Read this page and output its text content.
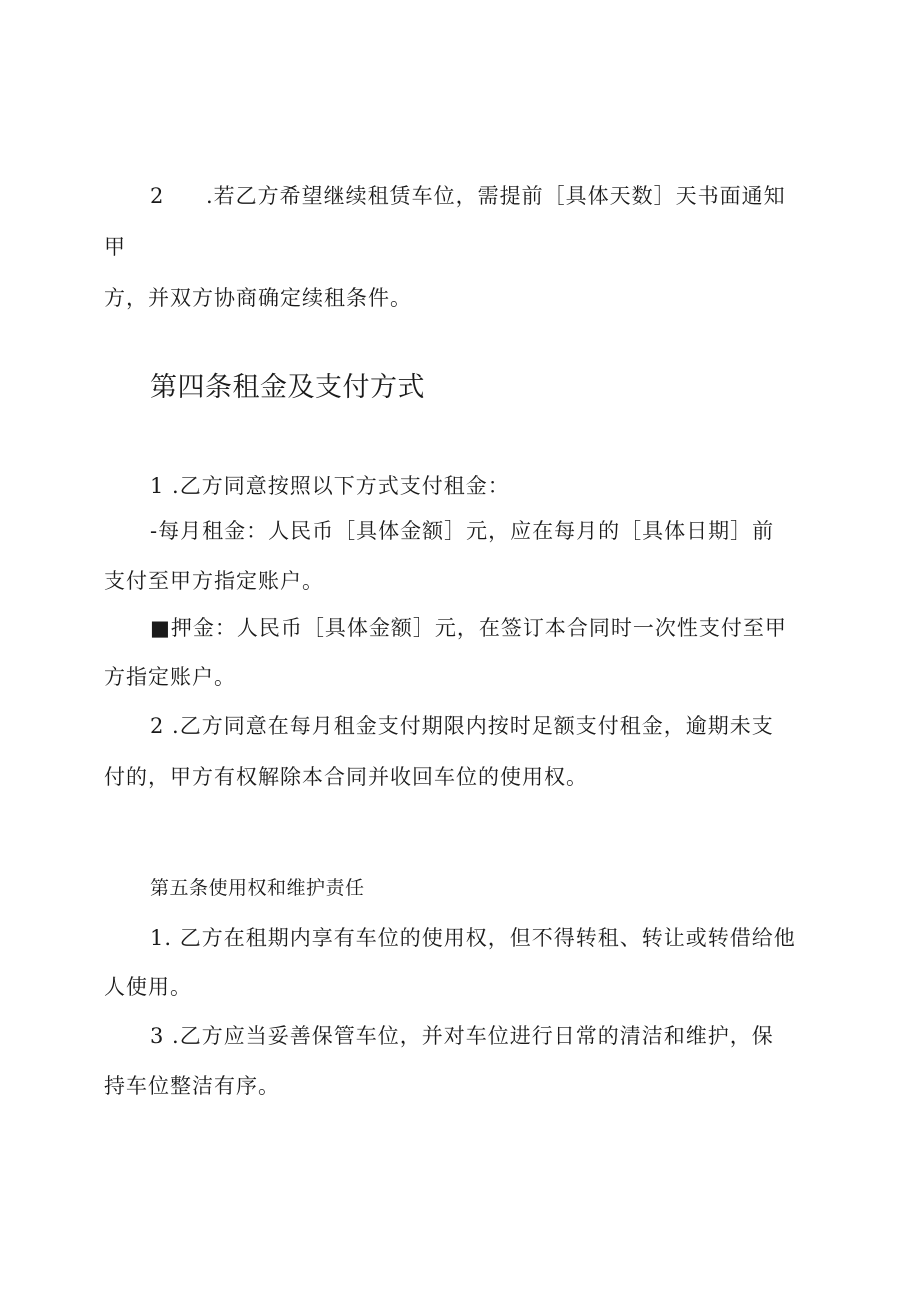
2 .若乙方希望继续租赁车位，需提前［具体天数］天书面通知
甲
方，并双方协商确定续租条件。
第四条租金及支付方式
1 .乙方同意按照以下方式支付租金：
-每月租金：人民币［具体金额］元，应在每月的［具体日期］前
支付至甲方指定账户。
■押金：人民币［具体金额］元，在签订本合同时一次性支付至甲
方指定账户。
2 .乙方同意在每月租金支付期限内按时足额支付租金，逾期未支
付的，甲方有权解除本合同并收回车位的使用权。
第五条使用权和维护责任
1. 乙方在租期内享有车位的使用权，但不得转租、转让或转借给他
人使用。
3 .乙方应当妥善保管车位，并对车位进行日常的清洁和维护，保
持车位整洁有序。
